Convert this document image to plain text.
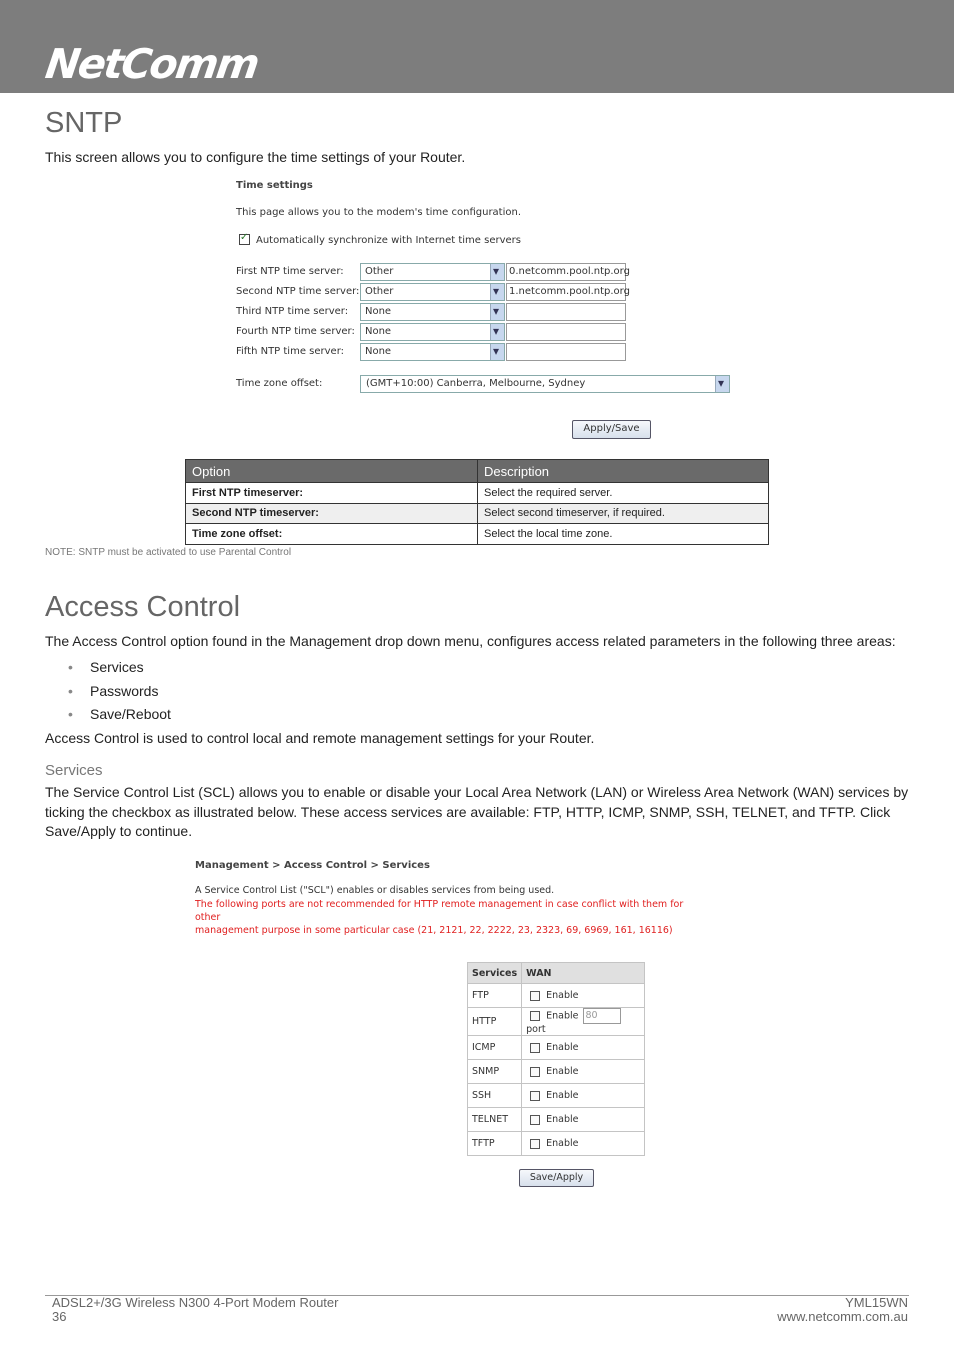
NetComm
SNTP
This screen allows you to configure the time settings of your Router.
Time settings
This page allows you to the modem's time configuration.
✓
Automatically synchronize with Internet time servers
First NTP time server: Other ▾	0.netcomm.pool.ntp.org
Second NTP time server: Other ▾	1.netcomm.pool.ntp.org
Third NTP time server: None
▾
Fourth NTP time server: None
▾
Fifth NTP time server: None
▾
Time zone offset:	(GMT+10:00) Canberra, Melbourne, Sydney
▾
Apply/Save
Option	Description
First NTP timeserver:	Select the required server.
Second NTP timeserver:	Select second timeserver, if required.
Time zone offset:	Select the local time zone.
NOTE: SNTP must be activated to use Parental Control
Access Control
The Access Control option found in the Management drop down menu, configures access related parameters in the following three areas:
• Services
• Passwords
• Save/Reboot
Access Control is used to control local and remote management settings for your Router.
Services
The Service Control List (SCL) allows you to enable or disable your Local Area Network (LAN) or Wireless Area Network (WAN) services by
ticking the checkbox as illustrated below. These access services are available: FTP, HTTP, ICMP, SNMP, SSH, TELNET, and TFTP. Click
Save/Apply to continue.
Management > Access Control > Services
A Service Control List ("SCL") enables or disables services from being used.
The following ports are not recommended for HTTP remote management in case conflict with them for other
management purpose in some particular case (21, 2121, 22, 2222, 23, 2323, 69, 6969, 161, 16116)
Services	WAN
FTP	Enable
HTTP	Enable 80port
ICMP	Enable
SNMP	Enable
SSH	Enable
TELNET	Enable
TFTP	Enable
Save/Apply
ADSL2+/3G Wireless N300 4-Port Modem Router
36
YML15WN
www.netcomm.com.au
